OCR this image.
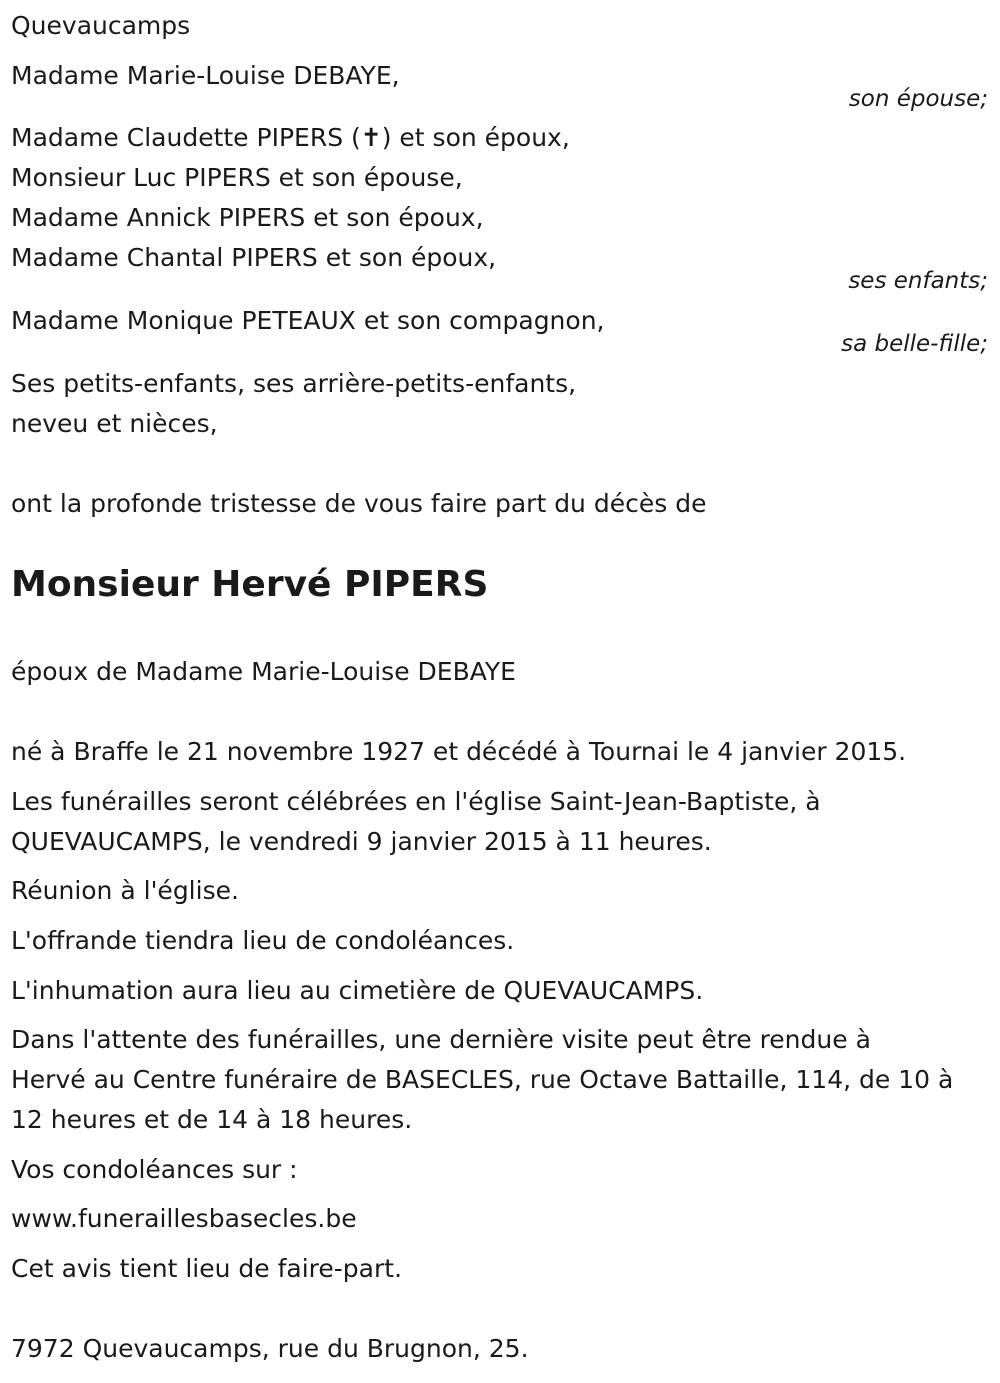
Quevaucamps

Madame Marie-Louise DEBAYE,

son épouse;

Madame Claudette PIPERS (✝) et son époux,

Monsieur Luc PIPERS et son épouse,

Madame Annick PIPERS et son époux,

Madame Chantal PIPERS et son époux,

ses enfants;

Madame Monique PETEAUX et son compagnon,

sa belle-fille;

Ses petits-enfants, ses arrière-petits-enfants,

neveu et nièces,

ont la profonde tristesse de vous faire part du décès de

Monsieur Hervé PIPERS

époux de Madame Marie-Louise DEBAYE

né à Braffe le 21 novembre 1927 et décédé à Tournai le 4 janvier 2015.

Les funérailles seront célébrées en l'église Saint-Jean-Baptiste, à

QUEVAUCAMPS, le vendredi 9 janvier 2015 à 11 heures.

Réunion à l'église.

L'offrande tiendra lieu de condoléances.

L'inhumation aura lieu au cimetière de QUEVAUCAMPS.

Dans l'attente des funérailles, une dernière visite peut être rendue à

Hervé au Centre funéraire de BASECLES, rue Octave Battaille, 114, de 10 à

12 heures et de 14 à 18 heures.

Vos condoléances sur :

www.funeraillesbasecles.be

Cet avis tient lieu de faire-part.

7972 Quevaucamps, rue du Brugnon, 25.
